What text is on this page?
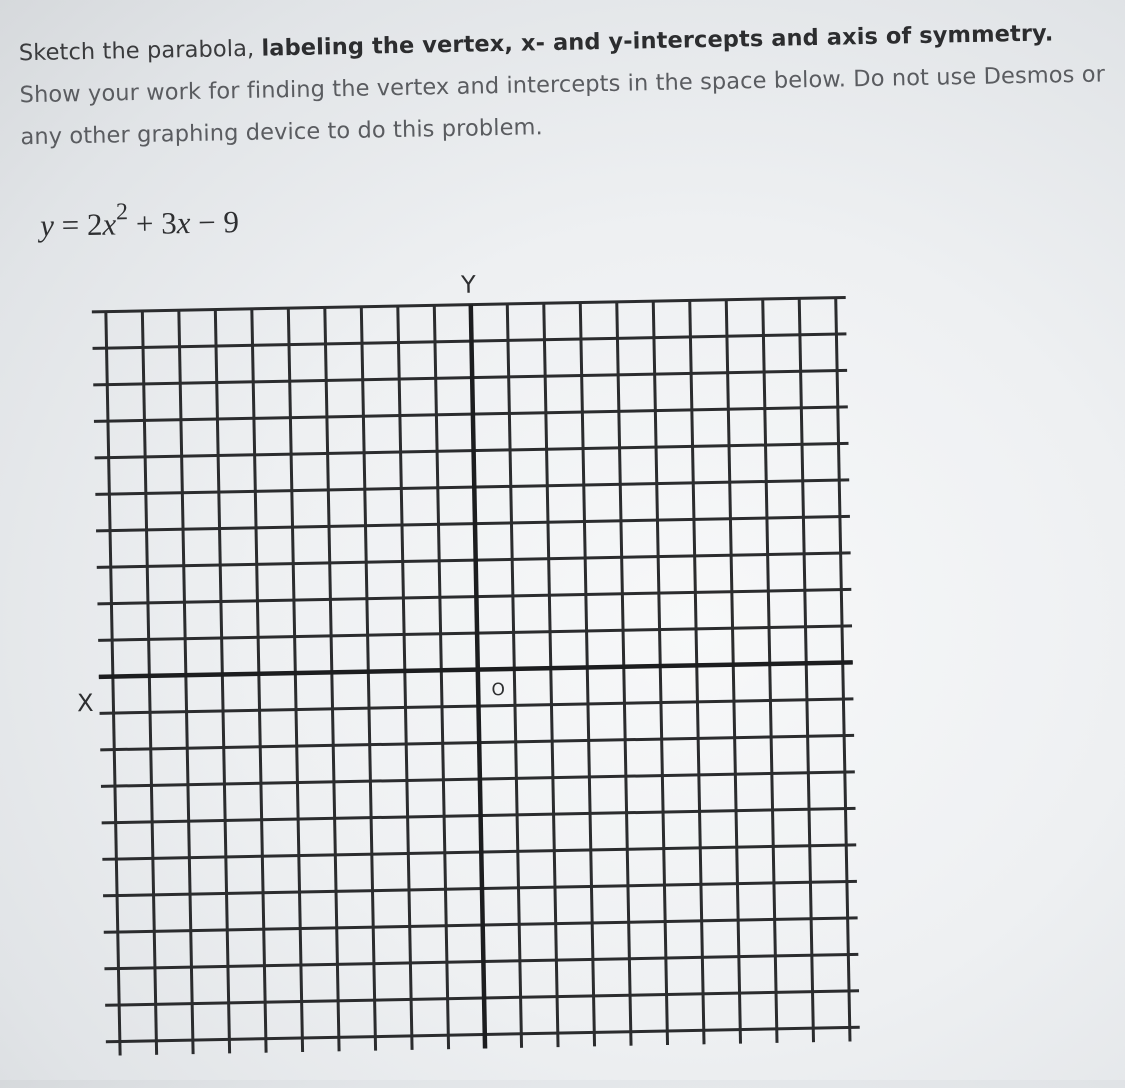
Sketch the parabola, labeling the vertex, x- and y-intercepts and axis of symmetry. Show your work for finding the vertex and intercepts in the space below. Do not use Desmos or any other graphing device to do this problem.
$y = 2x^2 + 3x - 9$
Y
X	O
